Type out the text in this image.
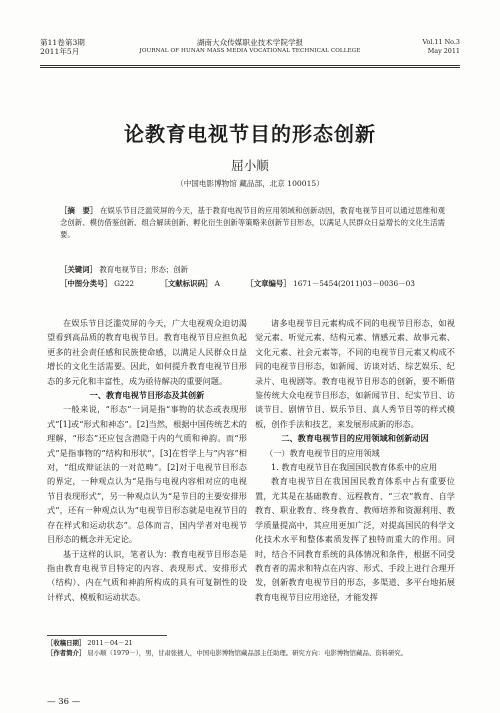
第11卷第3期
2011年5月
湖南大众传媒职业技术学院学报
JOURNAL OF HUNAN MASS MEDIA VOCATIONAL TECHNICAL COLLEGE
Vol.11 No.3
May 2011
论教育电视节目的形态创新
屈小顺
（中国电影博物馆 藏品部，北京 100015）

［摘　要］ 在娱乐节目泛滥荧屏的今天，基于教育电视节目的应用领域和创新动因，教育电视节目可以通过思维和观念创新、模仿借鉴创新、组合解读创新、孵化衍生创新等策略来创新节目形态，以满足人民群众日益增长的文化生活需要。

［关键词］ 教育电视节目；形态；创新
［中图分类号］ G222	［文献标识码］ A	［文章编号］ 1671－5454(2011)03－0036－03

在娱乐节目泛滥荧屏的今天，广大电视观众迫切渴望看到高品质的教育电视节目。教育电视节目应担负起更多的社会责任感和民族使命感，以满足人民群众日益增长的文化生活需要。因此，如何提升教育电视节目形态的多元化和丰富性，成为亟待解决的重要问题。

一、教育电视节目形态及其创新

一般来说，“形态”一词是指“事物的状态或表现形式”[1]或“形式和神态”。[2]当然，根据中国传统艺术的理解，“形态”还应包含潜隐于内的气质和神韵。而“形式”是指事物的“结构和形状”，[3]在哲学上与“内容”相对，“组成辩证法的一对范畴”。[2]对于电视节目形态的界定，一种观点认为“是指与电视内容相对应的电视节目表现形式”，另一种观点认为“是节目的主要安排形式”，还有一种观点认为“电视节目形态就是电视节目的存在样式和运动状态”。总体而言，国内学者对电视节目形态的概念并无定论。

基于这样的认识，笔者认为：教育电视节目形态是指由教育电视节目特定的内容、表现形式、安排形式（结构）、内在气质和神韵所构成的具有可复制性的设计样式、模板和运动状态。

诸多电视节目元素构成不同的电视节目形态，如视觉元素、听觉元素、结构元素、情感元素、故事元素、文化元素、社会元素等，不同的电视节目元素又构成不同的电视节目形态，如新闻、访谈对话、综艺娱乐、纪录片、电视剧等。教育电视节目形态的创新，要不断借鉴传统大众电视节目形态，如新闻节目、纪实节目、访谈节目、剧情节目、娱乐节目、真人秀节目等的样式模板，创作手法和技艺，来发展形成新的形态。

二、教育电视节目的应用领域和创新动因

（一）教育电视节目的应用领域

1. 教育电视节目在我国国民教育体系中的应用

教育电视节目在我国国民教育体系中占有重要位置，尤其是在基础教育、远程教育、“三农”教育、自学教育、职业教育、终身教育、教师培养和资源利用、教学质量提高中，其应用更加广泛，对提高国民的科学文化技术水平和整体素质发挥了独特而重大的作用。同时，结合不同教育系统的具体情况和条件，根据不同受教育者的需求和特点在内容、形式、手段上进行合理开发，创新教育电视节目的形态，多渠道、多平台地拓展教育电视节目应用途径，才能发挥

［收稿日期］ 2011－04－21

［作者简介］ 屈小顺（1979－），男，甘肃张掖人，中国电影博物馆藏品部主任助理。研究方向：电影博物馆藏品、资料研究。

— 36 —
